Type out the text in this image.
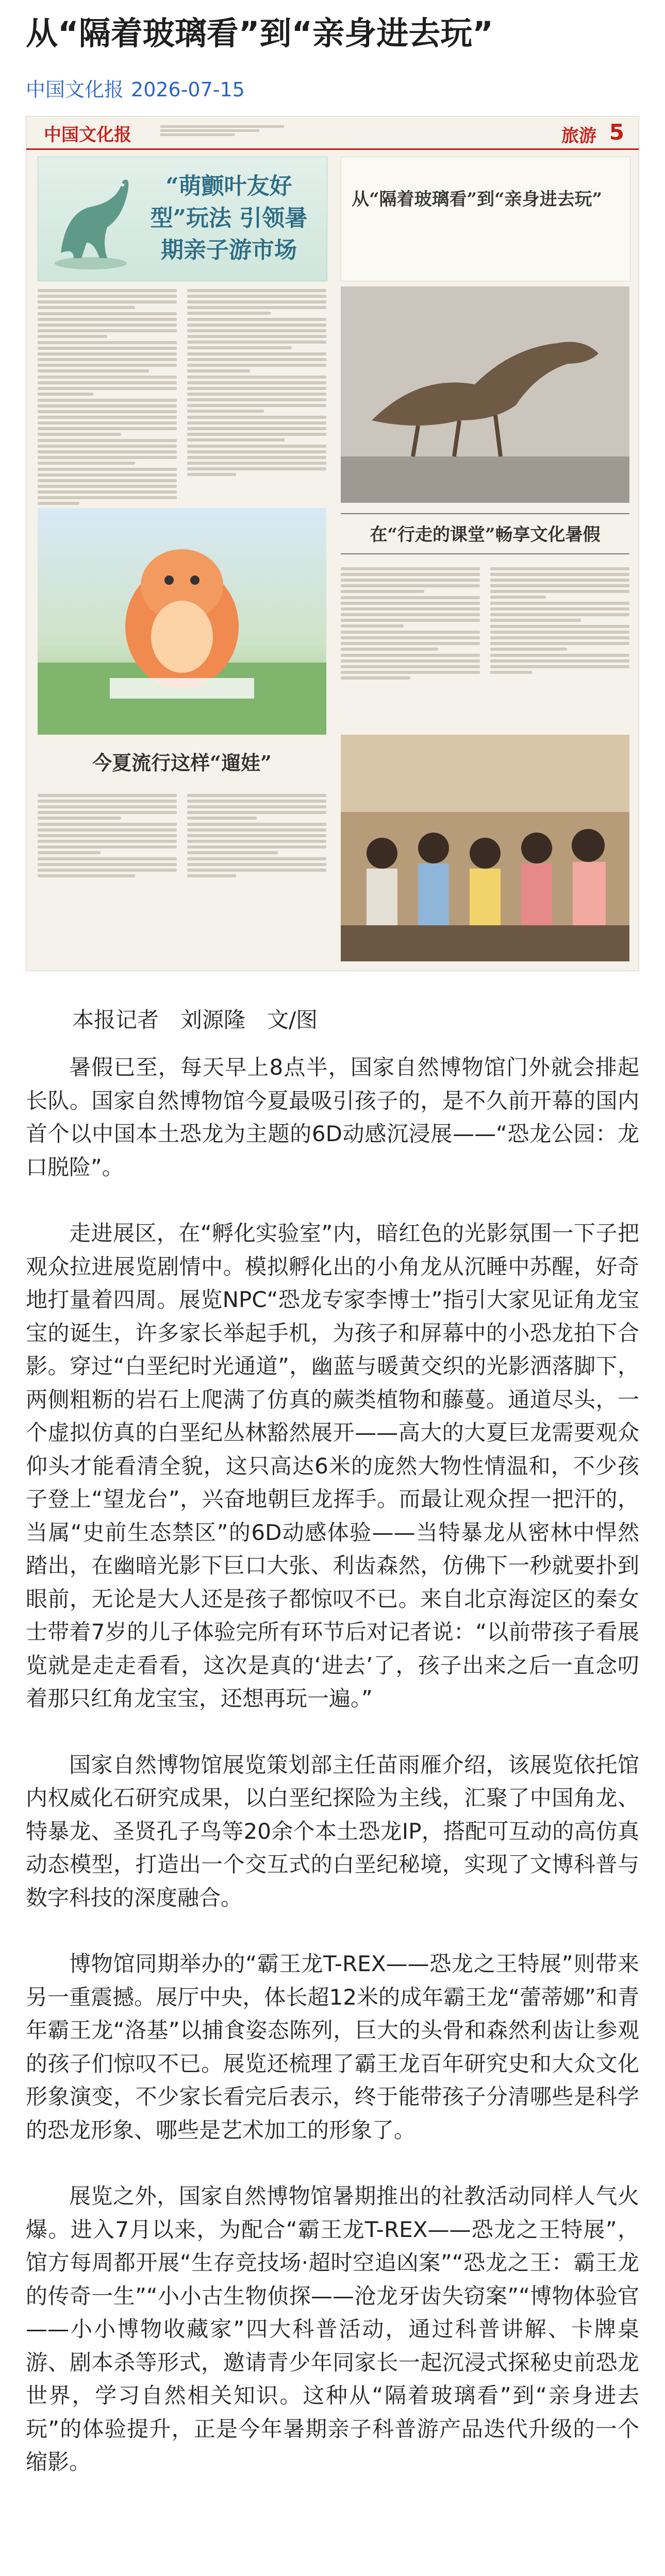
从“隔着玻璃看”到“亲身进去玩”
中国文化报 2026-07-15
中国文化报	旅游 5
“萌颤叶友好型”玩法 引领暑期亲子游市场
从“隔着玻璃看”到“亲身进去玩”
在“行走的课堂”畅享文化暑假
今夏流行这样“遛娃”
本报记者　刘源隆　文/图

暑假已至，每天早上8点半，国家自然博物馆门外就会排起长队。国家自然博物馆今夏最吸引孩子的，是不久前开幕的国内首个以中国本土恐龙为主题的6D动感沉浸展——“恐龙公园：龙口脱险”。

走进展区，在“孵化实验室”内，暗红色的光影氛围一下子把观众拉进展览剧情中。模拟孵化出的小角龙从沉睡中苏醒，好奇地打量着四周。展览NPC“恐龙专家李博士”指引大家见证角龙宝宝的诞生，许多家长举起手机，为孩子和屏幕中的小恐龙拍下合影。穿过“白垩纪时光通道”，幽蓝与暖黄交织的光影洒落脚下，两侧粗粝的岩石上爬满了仿真的蕨类植物和藤蔓。通道尽头，一个虚拟仿真的白垩纪丛林豁然展开——高大的大夏巨龙需要观众仰头才能看清全貌，这只高达6米的庞然大物性情温和，不少孩子登上“望龙台”，兴奋地朝巨龙挥手。而最让观众捏一把汗的，当属“史前生态禁区”的6D动感体验——当特暴龙从密林中悍然踏出，在幽暗光影下巨口大张、利齿森然，仿佛下一秒就要扑到眼前，无论是大人还是孩子都惊叹不已。来自北京海淀区的秦女士带着7岁的儿子体验完所有环节后对记者说：“以前带孩子看展览就是走走看看，这次是真的‘进去’了，孩子出来之后一直念叨着那只红角龙宝宝，还想再玩一遍。”

国家自然博物馆展览策划部主任苗雨雁介绍，该展览依托馆内权威化石研究成果，以白垩纪探险为主线，汇聚了中国角龙、特暴龙、圣贤孔子鸟等20余个本土恐龙IP，搭配可互动的高仿真动态模型，打造出一个交互式的白垩纪秘境，实现了文博科普与数字科技的深度融合。

博物馆同期举办的“霸王龙T-REX——恐龙之王特展”则带来另一重震撼。展厅中央，体长超12米的成年霸王龙“蕾蒂娜”和青年霸王龙“洛基”以捕食姿态陈列，巨大的头骨和森然利齿让参观的孩子们惊叹不已。展览还梳理了霸王龙百年研究史和大众文化形象演变，不少家长看完后表示，终于能带孩子分清哪些是科学的恐龙形象、哪些是艺术加工的形象了。

展览之外，国家自然博物馆暑期推出的社教活动同样人气火爆。进入7月以来，为配合“霸王龙T-REX——恐龙之王特展”，馆方每周都开展“生存竞技场·超时空追凶案”“恐龙之王：霸王龙的传奇一生”“小小古生物侦探——沧龙牙齿失窃案”“博物体验官——小小博物收藏家”四大科普活动，通过科普讲解、卡牌桌游、剧本杀等形式，邀请青少年同家长一起沉浸式探秘史前恐龙世界，学习自然相关知识。这种从“隔着玻璃看”到“亲身进去玩”的体验提升，正是今年暑期亲子科普游产品迭代升级的一个缩影。
